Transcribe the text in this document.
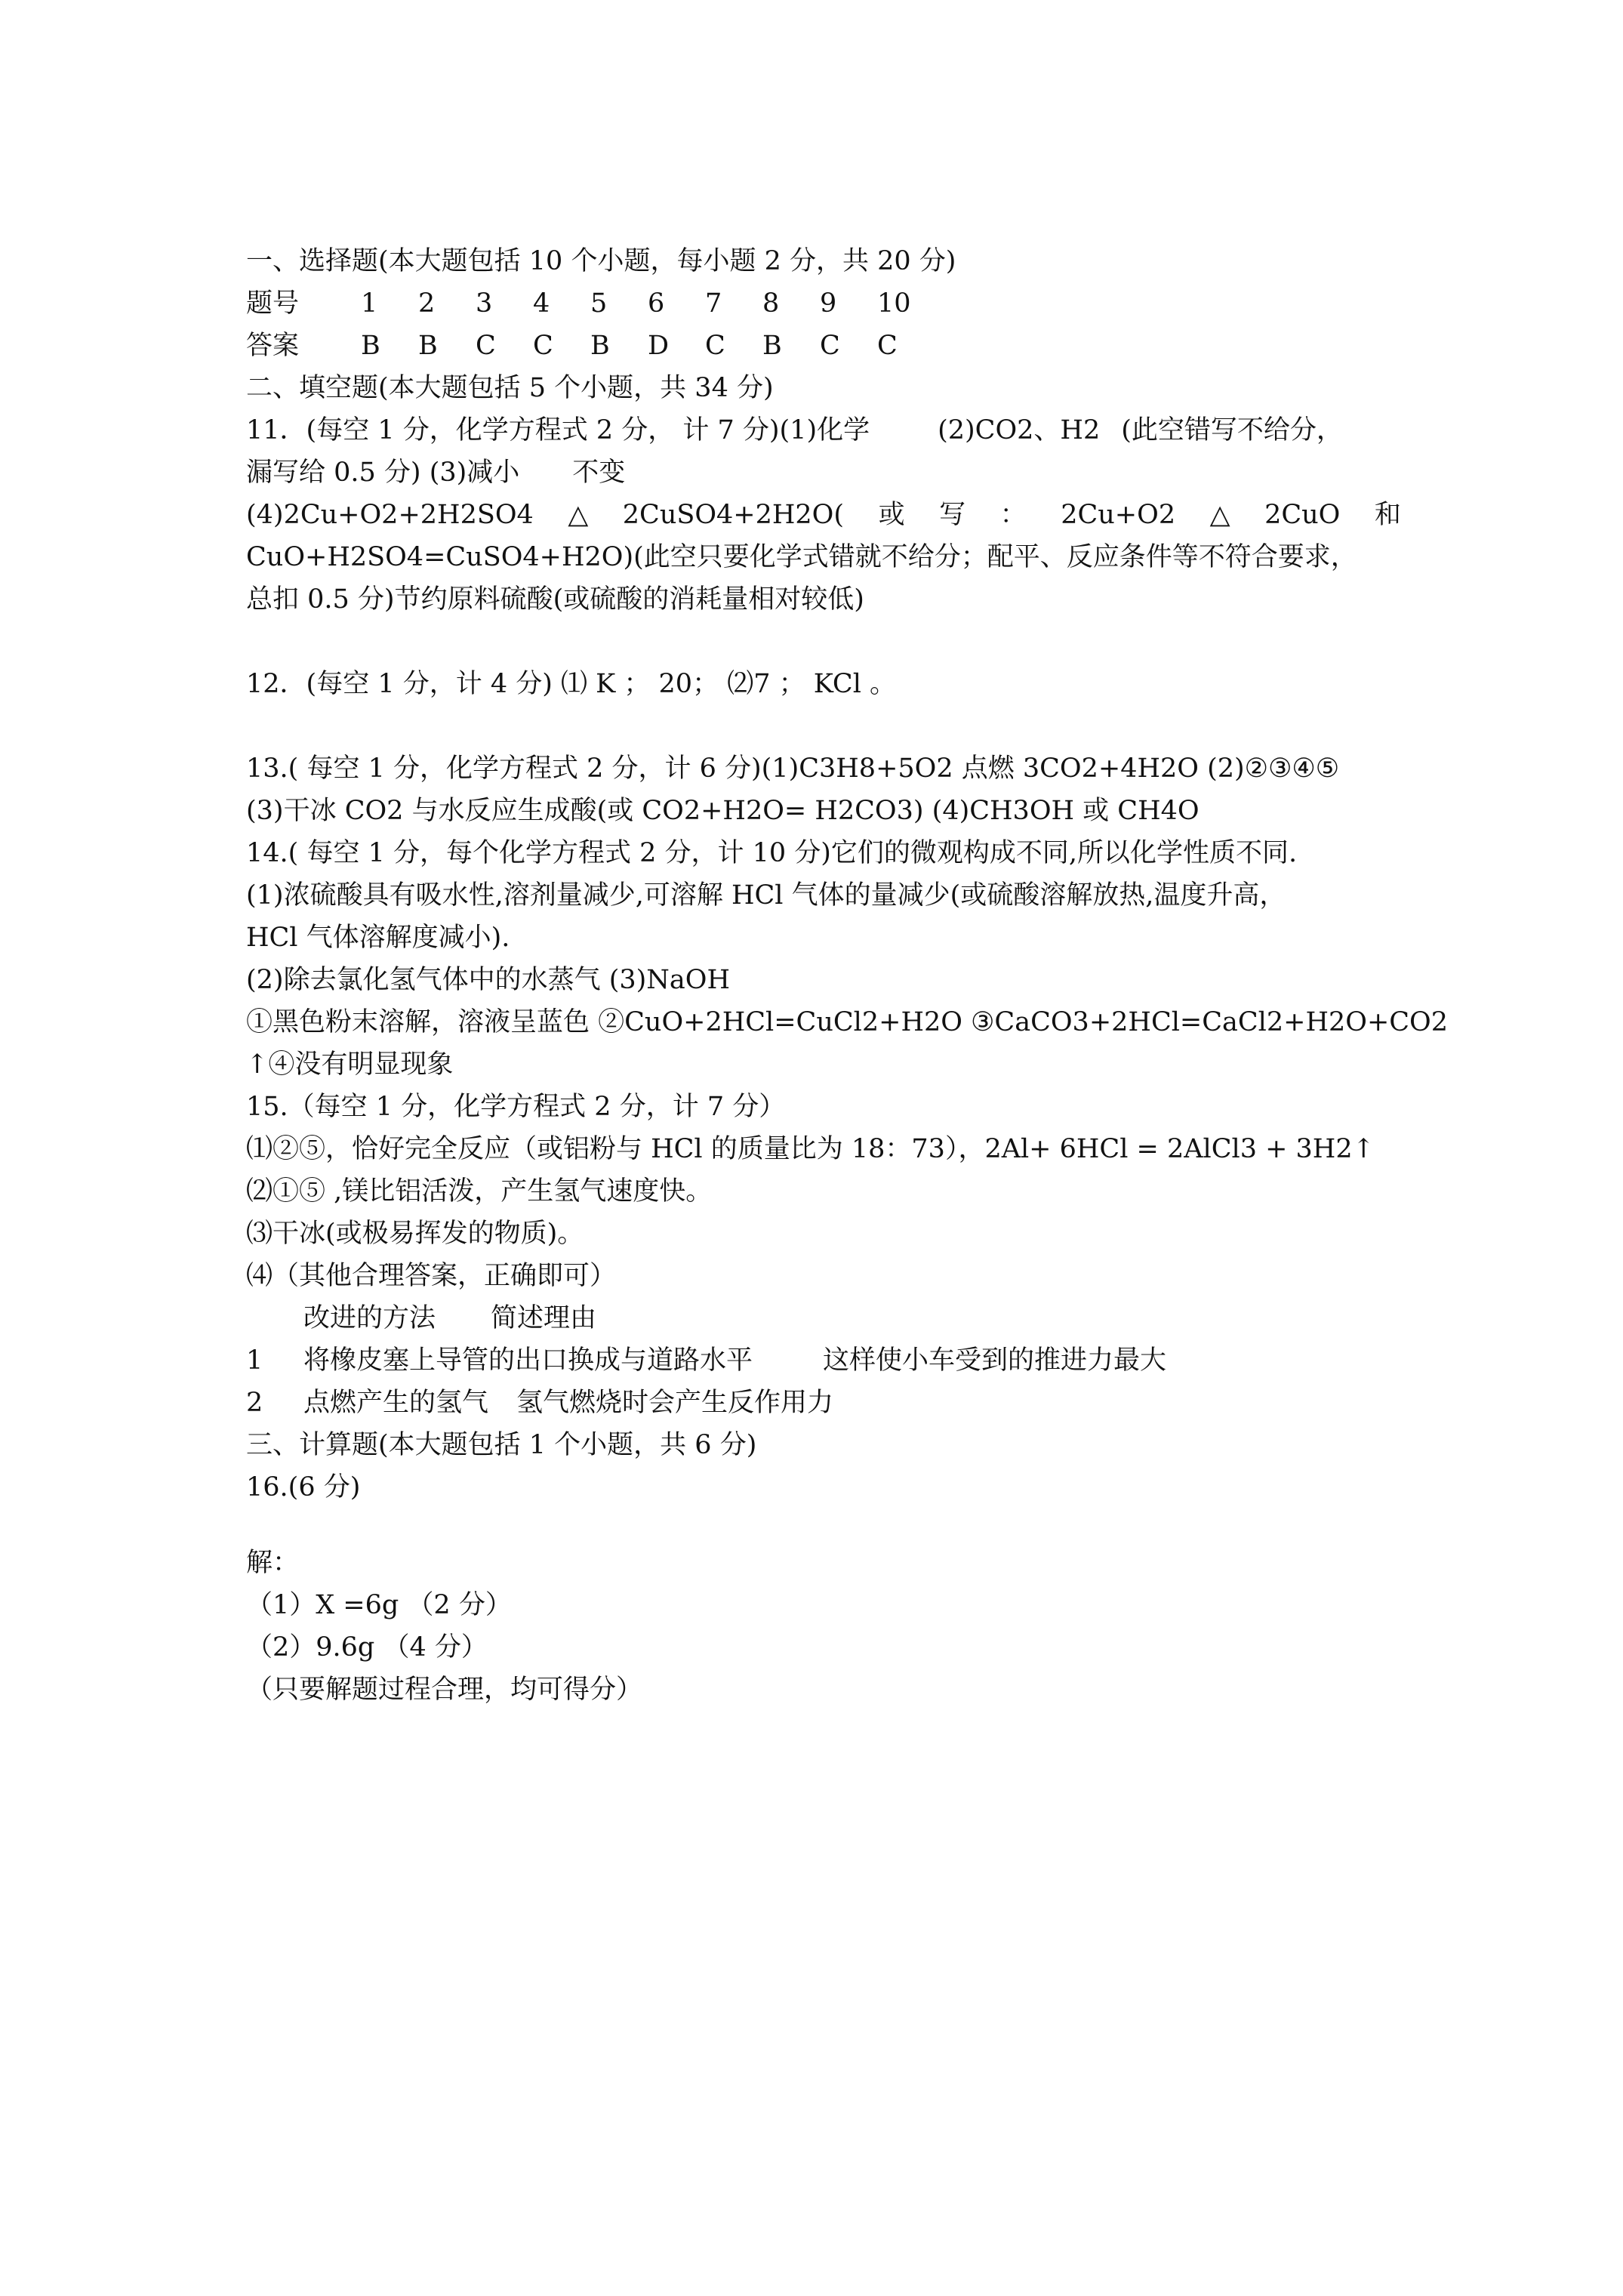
一、选择题(本大题包括 10 个小题，每小题 2 分，共 20 分)
题号 1 2 3 4 5 6 7 8 9 10
答案 B B C C B D C B C C
二、填空题(本大题包括 5 个小题，共 34 分)
11．(每空 1 分，化学方程式 2 分， 计 7 分)(1)化学	(2)CO2、H2 (此空错写不给分，
漏写给 0.5 分) (3)减小 不变
(4)2Cu+O2+2H2SO4 △ 2CuSO4+2H2O( 或 写 ： 2Cu+O2 △ 2CuO 和
CuO+H2SO4=CuSO4+H2O)(此空只要化学式错就不给分；配平、反应条件等不符合要求，
总扣 0.5 分)节约原料硫酸(或硫酸的消耗量相对较低)
12．(每空 1 分，计 4 分) ⑴ K ； 20； ⑵7 ； KCl 。
13.( 每空 1 分，化学方程式 2 分，计 6 分)(1)C3H8+5O2 点燃 3CO2+4H2O (2)②③④⑤
(3)干冰 CO2 与水反应生成酸(或 CO2+H2O= H2CO3) (4)CH3OH 或 CH4O
14.( 每空 1 分，每个化学方程式 2 分，计 10 分)它们的微观构成不同,所以化学性质不同.
(1)浓硫酸具有吸水性,溶剂量减少,可溶解 HCl 气体的量减少(或硫酸溶解放热,温度升高，
HCl 气体溶解度减小).
(2)除去氯化氢气体中的水蒸气 (3)NaOH
①黑色粉末溶解，溶液呈蓝色 ②CuO+2HCl=CuCl2+H2O ③CaCO3+2HCl=CaCl2+H2O+CO2
↑④没有明显现象
15.（每空 1 分，化学方程式 2 分，计 7 分）
⑴②⑤，恰好完全反应（或铝粉与 HCl 的质量比为 18：73），2Al+ 6HCl = 2AlCl3 + 3H2↑
⑵①⑤ ,镁比铝活泼，产生氢气速度快。
⑶干冰(或极易挥发的物质)。
⑷（其他合理答案，正确即可）
改进的方法 简述理由
1 将橡皮塞上导管的出口换成与道路水平	这样使小车受到的推进力最大
2 点燃产生的氢气 氢气燃烧时会产生反作用力
三、计算题(本大题包括 1 个小题，共 6 分)
16.(6 分)
解：
（1）X =6g （2 分）
（2）9.6g （4 分）
（只要解题过程合理，均可得分）
